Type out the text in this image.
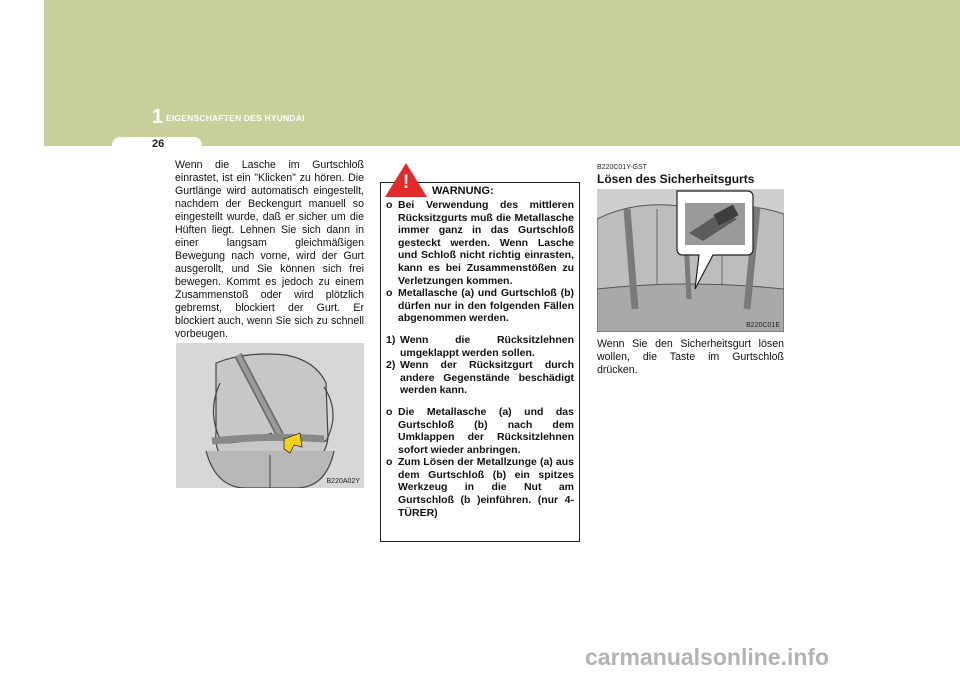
1 EIGENSCHAFTEN DES HYUNDAI
26
Wenn die Lasche im Gurtschloß einrastet, ist ein "Klicken" zu hören. Die Gurtlänge wird automatisch eingestellt, nachdem der Beckengurt manuell so eingestellt wurde, daß er sicher um die Hüften liegt. Lehnen Sie sich dann in einer langsam gleichmäßigen Bewegung nach vorne, wird der Gurt ausgerollt, und Sie können sich frei bewegen. Kommt es jedoch zu einem Zusammenstoß oder wird plötzlich gebremst, blockiert der Gurt. Er blockiert auch, wenn Sie sich zu schnell vorbeugen.
B220A02Y
! WARNUNG:
o Bei Verwendung des mittleren Rücksitzgurts muß die Metallasche immer ganz in das Gurtschloß gesteckt werden. Wenn Lasche und Schloß nicht richtig einrasten, kann es bei Zusammenstößen zu Verletzungen kommen.
o Metallasche (a) und Gurtschloß (b) dürfen nur in den folgenden Fällen abgenommen werden.
1) Wenn die Rücksitzlehnen umgeklappt werden sollen.
2) Wenn der Rücksitzgurt durch andere Gegenstände beschädigt werden kann.
o Die Metallasche (a) und das Gurtschloß (b) nach dem Umklappen der Rücksitzlehnen sofort wieder anbringen.
o Zum Lösen der Metallzunge (a) aus dem Gurtschloß (b) ein spitzes Werkzeug in die Nut am Gurtschloß (b )einführen. (nur 4-TÜRER)
B220C01Y-GST
Lösen des Sicherheitsgurts
B220C01E
Wenn Sie den Sicherheitsgurt lösen wollen, die Taste im Gurtschloß drücken.
carmanualsonline.info
